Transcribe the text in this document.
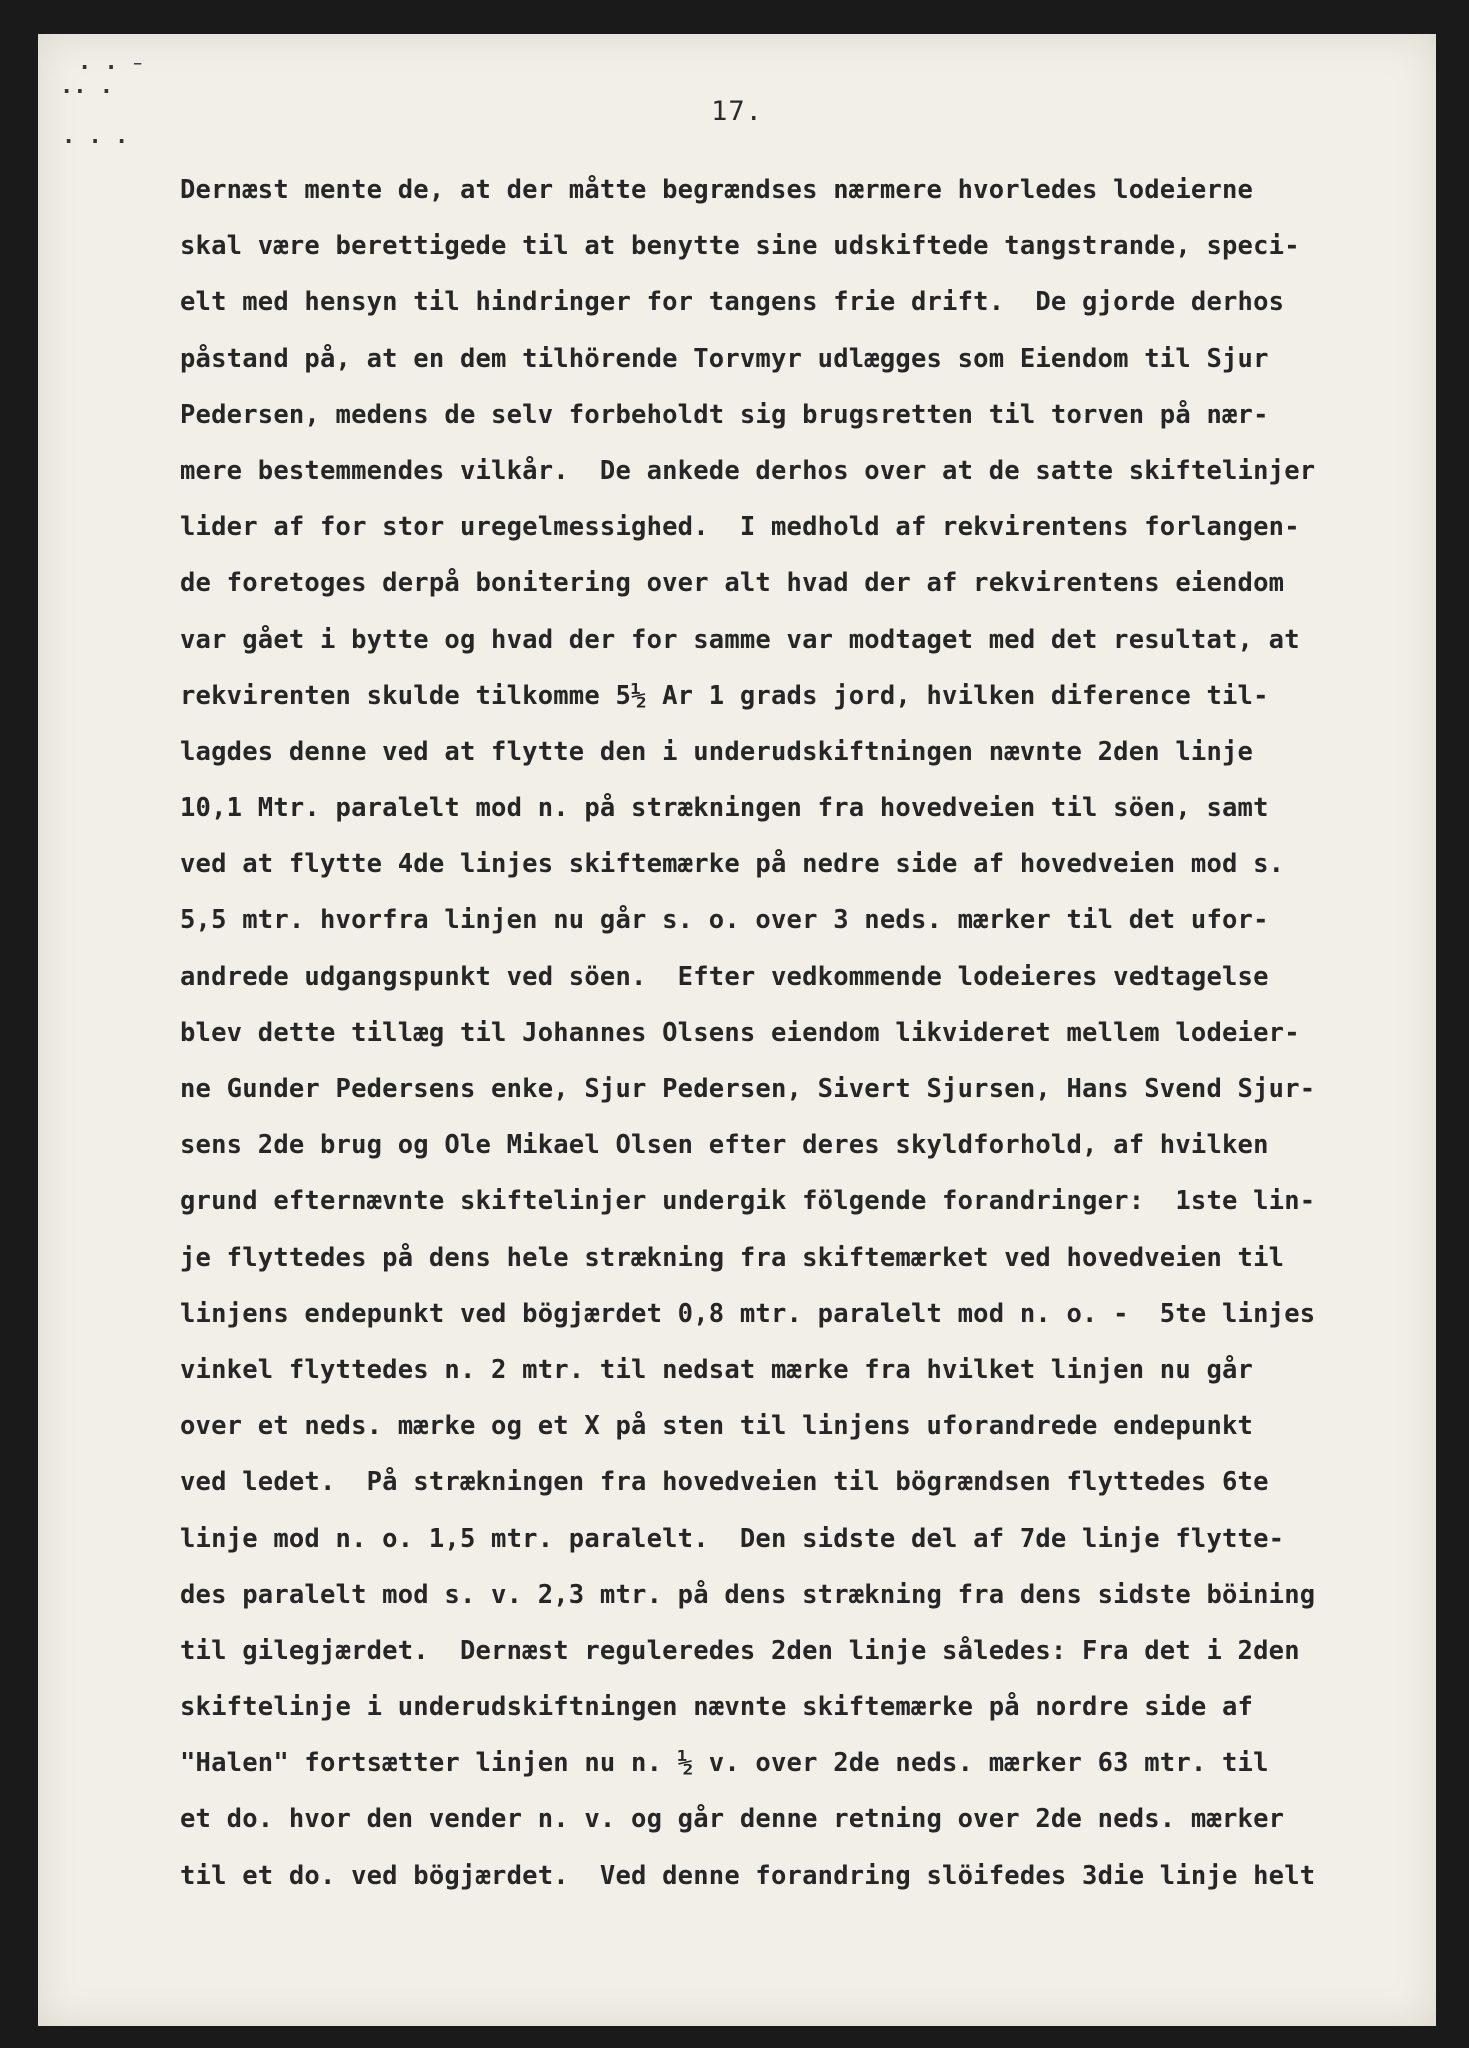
· · ⁻
·· ·
· · ·
17.
Dernæst mente de, at der måtte begrændses nærmere hvorledes lodeierne
skal være berettigede til at benytte sine udskiftede tangstrande, speci-
elt med hensyn til hindringer for tangens frie drift.  De gjorde derhos
påstand på, at en dem tilhörende Torvmyr udlægges som Eiendom til Sjur
Pedersen, medens de selv forbeholdt sig brugsretten til torven på nær-
mere bestemmendes vilkår.  De ankede derhos over at de satte skiftelinjer
lider af for stor uregelmessighed.  I medhold af rekvirentens forlangen-
de foretoges derpå bonitering over alt hvad der af rekvirentens eiendom
var gået i bytte og hvad der for samme var modtaget med det resultat, at
rekvirenten skulde tilkomme 5½ Ar 1 grads jord, hvilken diference til-
lagdes denne ved at flytte den i underudskiftningen nævnte 2den linje
10,1 Mtr. paralelt mod n. på strækningen fra hovedveien til söen, samt
ved at flytte 4de linjes skiftemærke på nedre side af hovedveien mod s.
5,5 mtr. hvorfra linjen nu går s. o. over 3 neds. mærker til det ufor-
andrede udgangspunkt ved söen.  Efter vedkommende lodeieres vedtagelse
blev dette tillæg til Johannes Olsens eiendom likvideret mellem lodeier-
ne Gunder Pedersens enke, Sjur Pedersen, Sivert Sjursen, Hans Svend Sjur-
sens 2de brug og Ole Mikael Olsen efter deres skyldforhold, af hvilken
grund efternævnte skiftelinjer undergik fölgende forandringer:  1ste lin-
je flyttedes på dens hele strækning fra skiftemærket ved hovedveien til
linjens endepunkt ved bögjærdet 0,8 mtr. paralelt mod n. o. -  5te linjes
vinkel flyttedes n. 2 mtr. til nedsat mærke fra hvilket linjen nu går
over et neds. mærke og et X på sten til linjens uforandrede endepunkt
ved ledet.  På strækningen fra hovedveien til bögrændsen flyttedes 6te
linje mod n. o. 1,5 mtr. paralelt.  Den sidste del af 7de linje flytte-
des paralelt mod s. v. 2,3 mtr. på dens strækning fra dens sidste böining
til gilegjærdet.  Dernæst reguleredes 2den linje således: Fra det i 2den
skiftelinje i underudskiftningen nævnte skiftemærke på nordre side af
"Halen" fortsætter linjen nu n. ½ v. over 2de neds. mærker 63 mtr. til
et do. hvor den vender n. v. og går denne retning over 2de neds. mærker
til et do. ved bögjærdet.  Ved denne forandring slöifedes 3die linje helt
